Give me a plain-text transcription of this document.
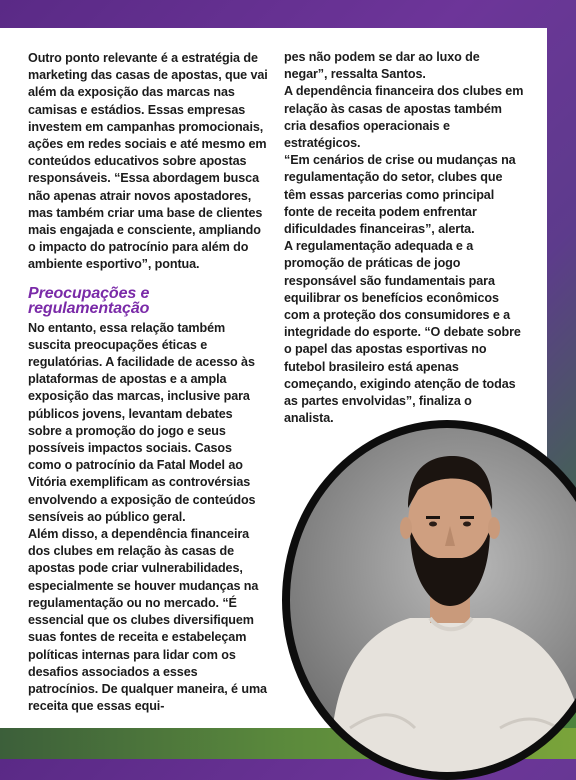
Outro ponto relevante é a estratégia de marketing das casas de apostas, que vai além da exposição das marcas nas camisas e estádios. Essas empresas investem em campanhas promocionais, ações em redes sociais e até mesmo em conteúdos educativos sobre apostas responsáveis. “Essa abordagem busca não apenas atrair novos apostadores, mas também criar uma base de clientes mais engajada e consciente, ampliando o impacto do patrocínio para além do ambiente esportivo”, pontua.

Preocupações e regulamentação

No entanto, essa relação também suscita preocupações éticas e regulatórias. A facilidade de acesso às plataformas de apostas e a ampla exposição das marcas, inclusive para públicos jovens, levantam debates sobre a promoção do jogo e seus possíveis impactos sociais. Casos como o patrocínio da Fatal Model ao Vitória exemplificam as controvérsias envolvendo a exposição de conteúdos sensíveis ao público geral.

Além disso, a dependência financeira dos clubes em relação às casas de apostas pode criar vulnerabilidades, especialmente se houver mudanças na regulamentação ou no mercado. “É essencial que os clubes diversifiquem suas fontes de receita e estabeleçam políticas internas para lidar com os desafios associados a esses patrocínios. De qualquer maneira, é uma receita que essas equi-

pes não podem se dar ao luxo de negar”, ressalta Santos.

A dependência financeira dos clubes em relação às casas de apostas também cria desafios operacionais e estratégicos.

“Em cenários de crise ou mudanças na regulamentação do setor, clubes que têm essas parcerias como principal fonte de receita podem enfrentar dificuldades financeiras”, alerta.

A regulamentação adequada e a promoção de práticas de jogo responsável são fundamentais para equilibrar os benefícios econômicos com a proteção dos consumidores e a integridade do esporte. “O debate sobre o papel das apostas esportivas no futebol brasileiro está apenas começando, exigindo atenção de todas as partes envolvidas”, finaliza o analista.
